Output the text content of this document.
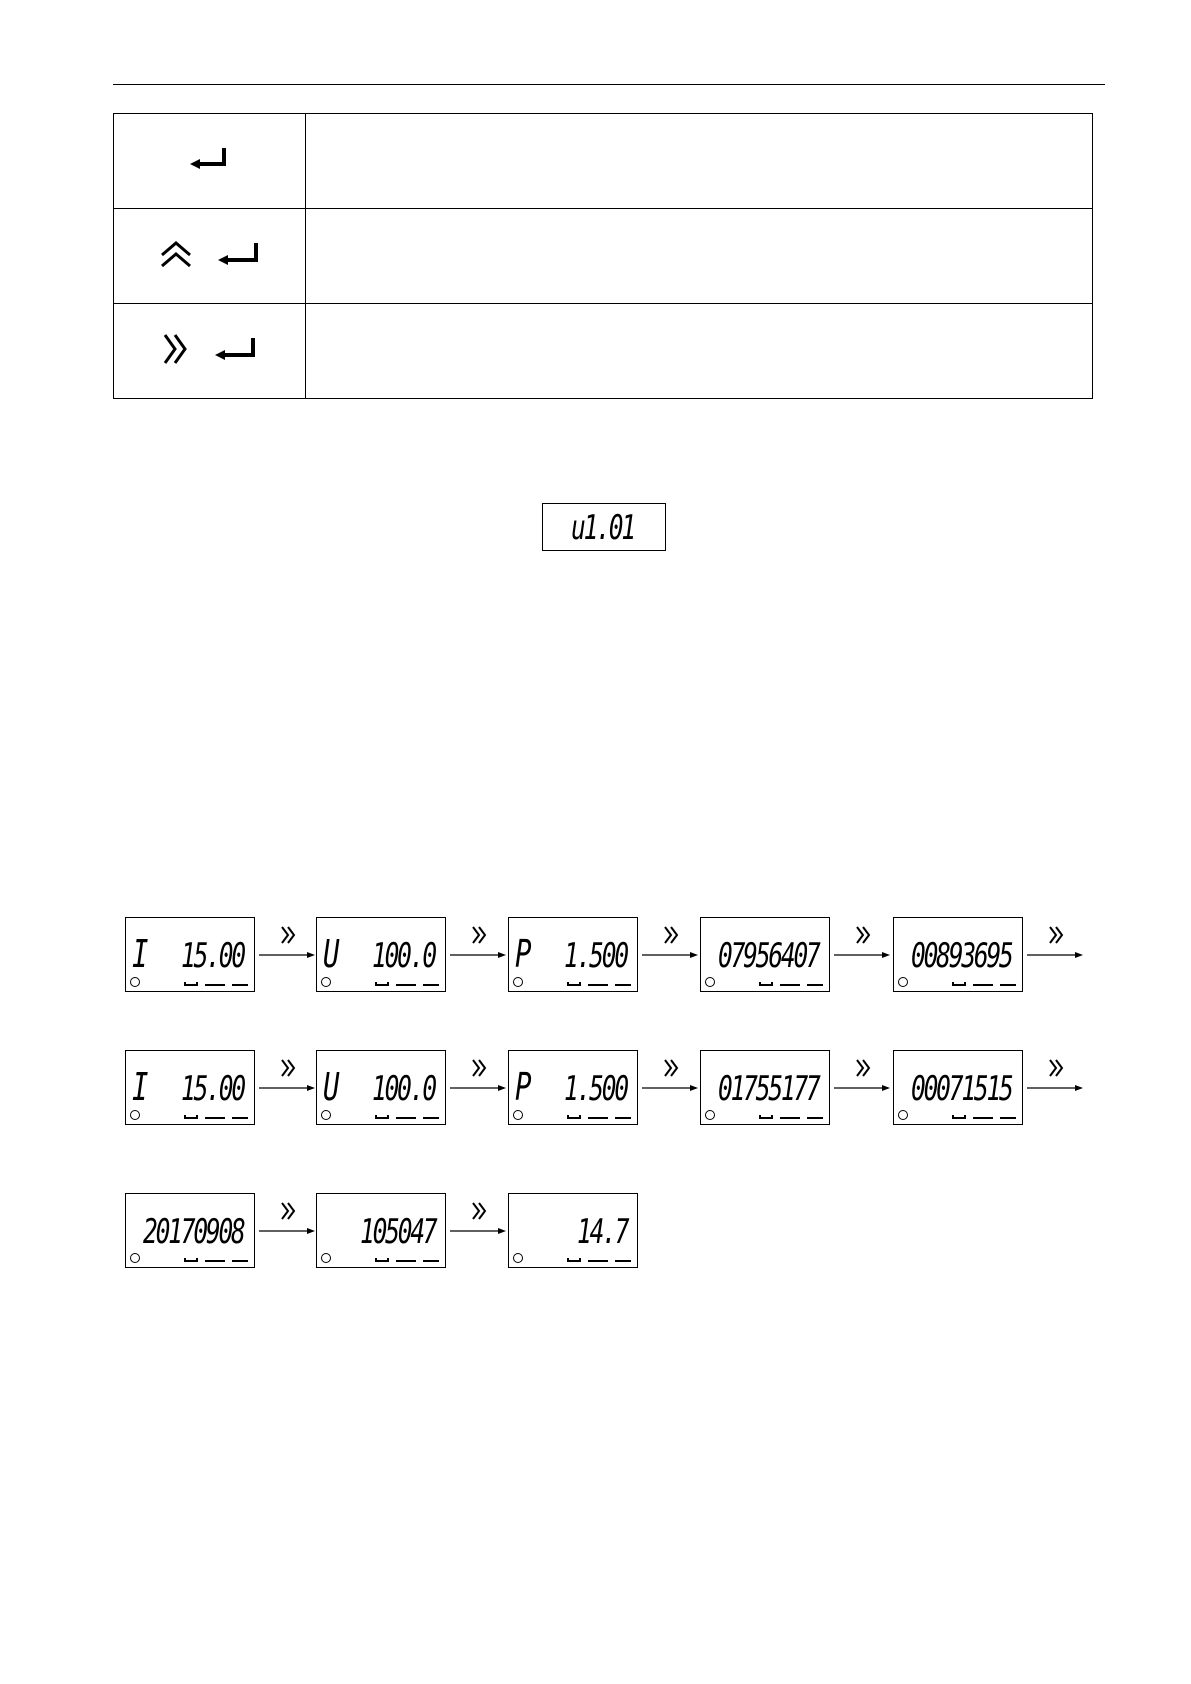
u1.01
I 15.00 U 100.0 P 1.500	07956407	00893695
I 15.00 U 100.0 P 1.500	01755177	00071515
20170908	105047	14.7
